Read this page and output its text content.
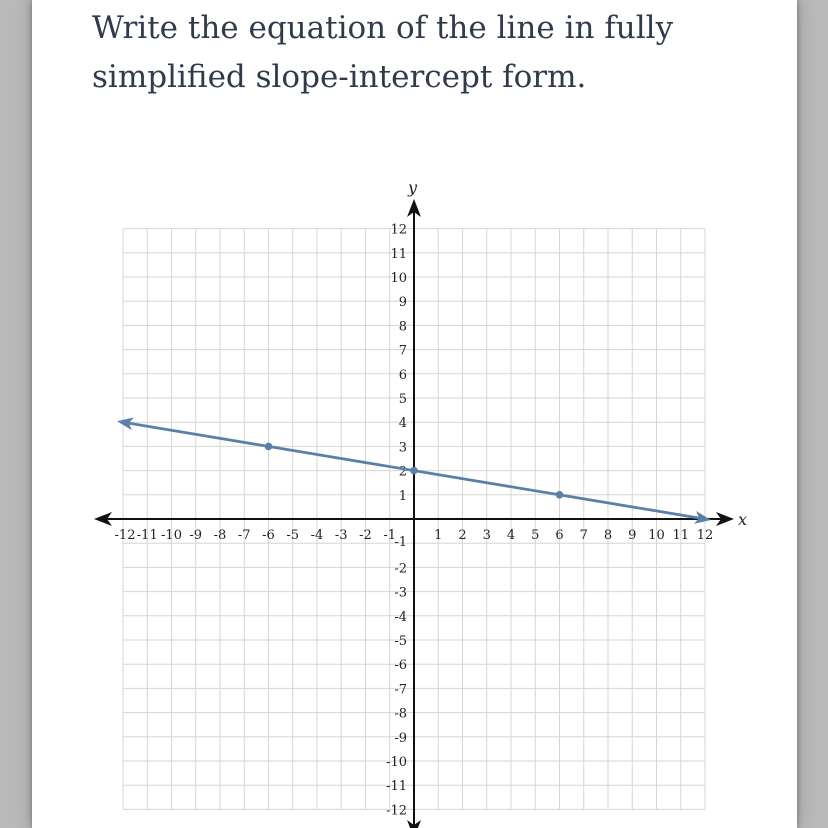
Write the equation of the line in fully simplified slope-intercept form.

x
y
-12 -11 -10 -9 -8 -7 -6 -5 -4 -3 -2 -1	1 2 3 4 5 6 7 8 9 10 11 12
-12
-11
-10
-9
-8
-7
-6
-5
-4
-3
-2
-1
1
2
3
4
5
6
7
8
9
10
11
12
